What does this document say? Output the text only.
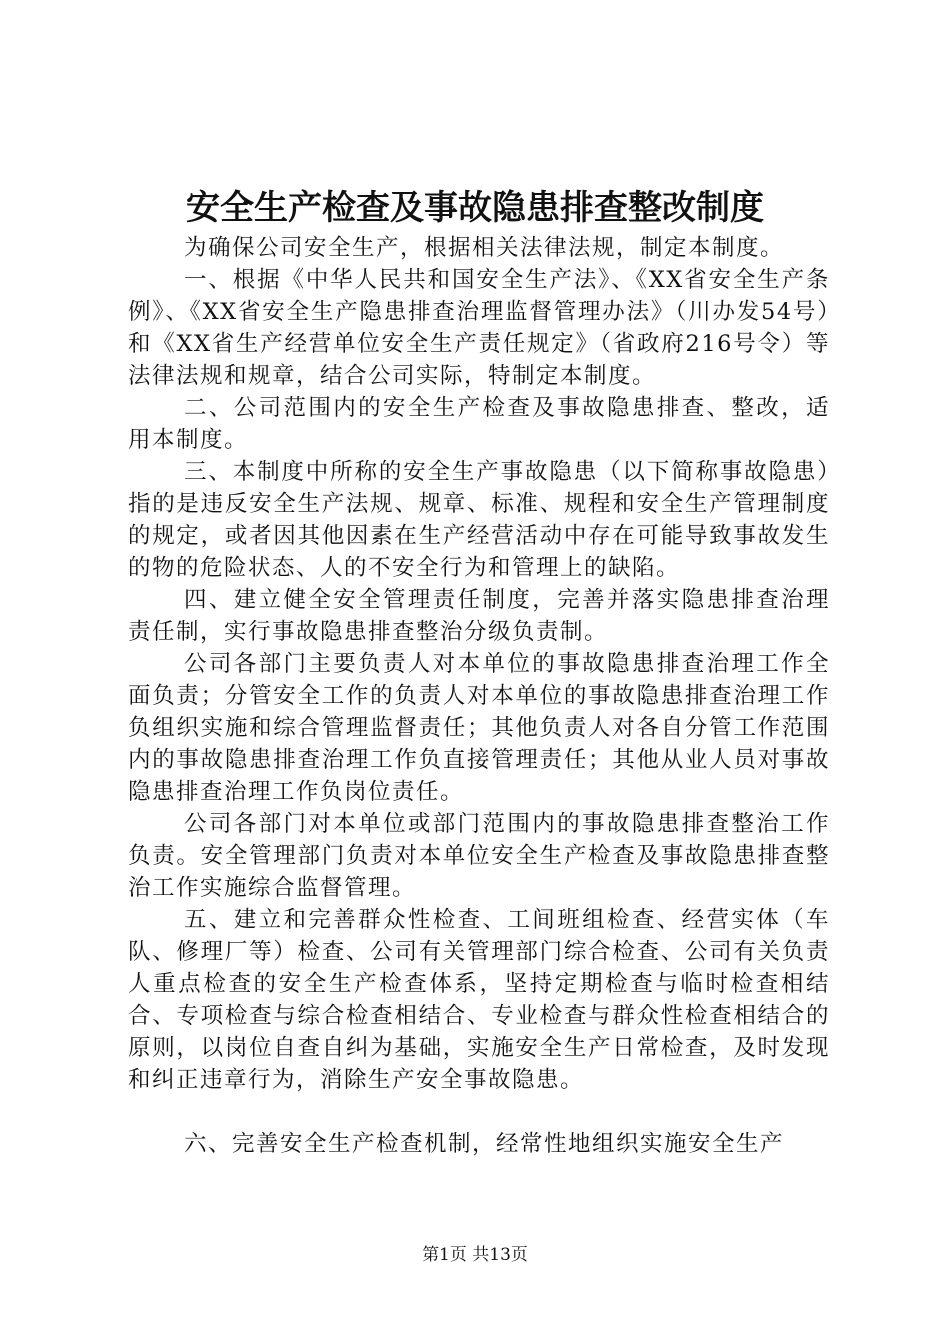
安全生产检查及事故隐患排查整改制度

为确保公司安全生产，根据相关法律法规，制定本制度。

一、根据《中华人民共和国安全生产法》、《XX省安全生产条例》、《XX省安全生产隐患排查治理监督管理办法》（川办发54号）和《XX省生产经营单位安全生产责任规定》（省政府216号令）等法律法规和规章，结合公司实际，特制定本制度。

二、公司范围内的安全生产检查及事故隐患排查、整改，适用本制度。

三、本制度中所称的安全生产事故隐患（以下简称事故隐患）指的是违反安全生产法规、规章、标准、规程和安全生产管理制度的规定，或者因其他因素在生产经营活动中存在可能导致事故发生的物的危险状态、人的不安全行为和管理上的缺陷。

四、建立健全安全管理责任制度，完善并落实隐患排查治理责任制，实行事故隐患排查整治分级负责制。

公司各部门主要负责人对本单位的事故隐患排查治理工作全面负责；分管安全工作的负责人对本单位的事故隐患排查治理工作负组织实施和综合管理监督责任；其他负责人对各自分管工作范围内的事故隐患排查治理工作负直接管理责任；其他从业人员对事故隐患排查治理工作负岗位责任。

公司各部门对本单位或部门范围内的事故隐患排查整治工作负责。安全管理部门负责对本单位安全生产检查及事故隐患排查整治工作实施综合监督管理。

五、建立和完善群众性检查、工间班组检查、经营实体（车队、修理厂等）检查、公司有关管理部门综合检查、公司有关负责人重点检查的安全生产检查体系，坚持定期检查与临时检查相结合、专项检查与综合检查相结合、专业检查与群众性检查相结合的原则，以岗位自查自纠为基础，实施安全生产日常检查，及时发现和纠正违章行为，消除生产安全事故隐患。

六、完善安全生产检查机制，经常性地组织实施安全生产

第1页 共13页
